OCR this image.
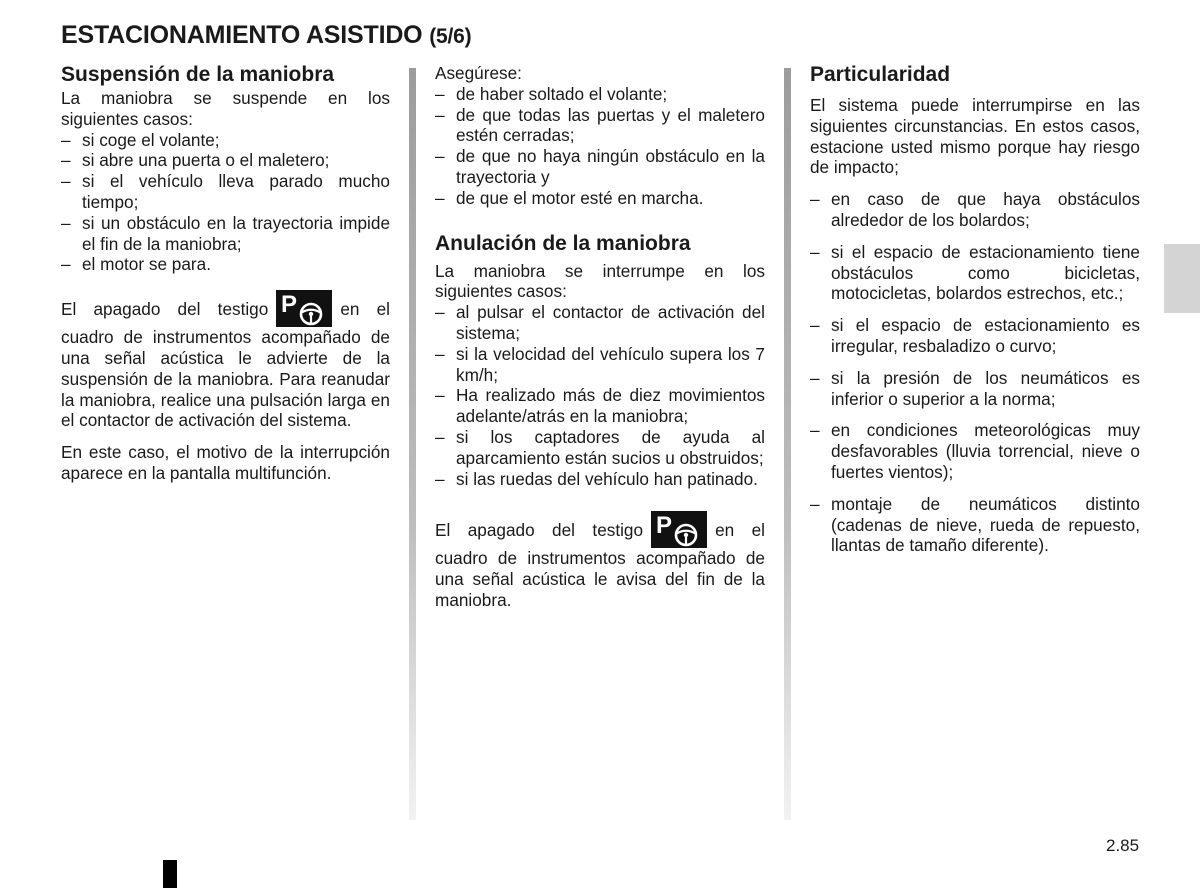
ESTACIONAMIENTO ASISTIDO (5/6)
Suspensión de la maniobra

La maniobra se suspende en los siguientes casos:

– si coge el volante;
– si abre una puerta o el maletero;
– si el vehículo lleva parado mucho tiempo;
– si un obstáculo en la trayectoria impide el fin de la maniobra;
– el motor se para.

El apagado del testigo P en el cuadro de instrumentos acompañado de una señal acústica le advierte de la suspensión de la maniobra. Para reanudar la maniobra, realice una pulsación larga en el contactor de activación del sistema.

En este caso, el motivo de la interrupción aparece en la pantalla multifunción.

Asegúrese:

– de haber soltado el volante;
– de que todas las puertas y el maletero estén cerradas;
– de que no haya ningún obstáculo en la trayectoria y
– de que el motor esté en marcha.
Anulación de la maniobra

La maniobra se interrumpe en los siguientes casos:

– al pulsar el contactor de activación del sistema;
– si la velocidad del vehículo supera los 7 km/h;
– Ha realizado más de diez movimientos adelante/atrás en la maniobra;
– si los captadores de ayuda al aparcamiento están sucios u obstruidos;
– si las ruedas del vehículo han patinado.

El apagado del testigo P en el cuadro de instrumentos acompañado de una señal acústica le avisa del fin de la maniobra.

Particularidad

El sistema puede interrumpirse en las siguientes circunstancias. En estos casos, estacione usted mismo porque hay riesgo de impacto;

– en caso de que haya obstáculos alrededor de los bolardos;
– si el espacio de estacionamiento tiene obstáculos como bicicletas, motocicletas, bolardos estrechos, etc.;
– si el espacio de estacionamiento es irregular, resbaladizo o curvo;
– si la presión de los neumáticos es inferior o superior a la norma;
– en condiciones meteorológicas muy desfavorables (lluvia torrencial, nieve o fuertes vientos);
– montaje de neumáticos distinto (cadenas de nieve, rueda de repuesto, llantas de tamaño diferente).
2.85
